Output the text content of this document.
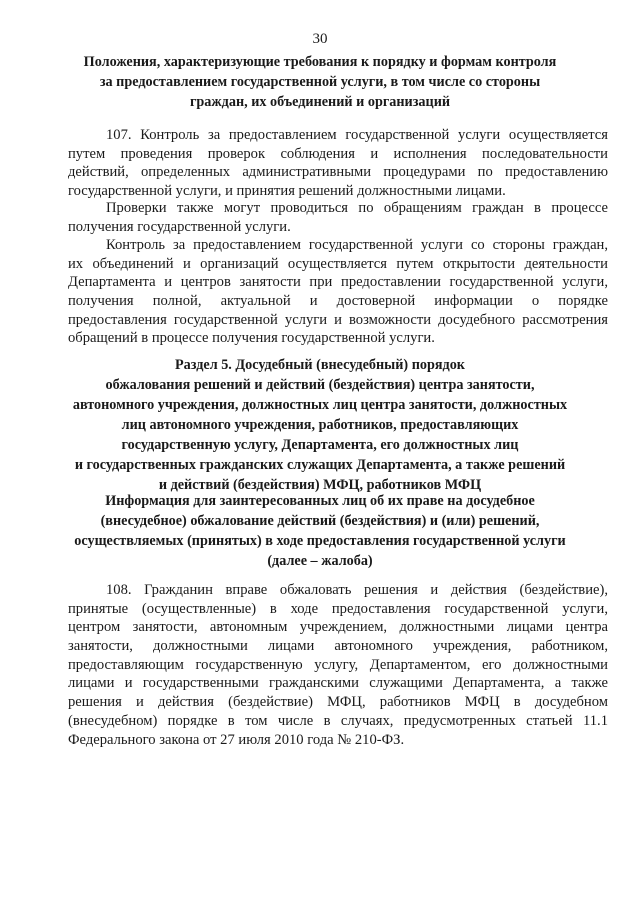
30
Положения, характеризующие требования к порядку и формам контроля
за предоставлением государственной услуги, в том числе со стороны
граждан, их объединений и организаций
107. Контроль за предоставлением государственной услуги осуществляется
путем проведения проверок соблюдения и исполнения последовательности
действий, определенных административными процедурами по предоставлению
государственной услуги, и принятия решений должностными лицами.
Проверки также могут проводиться по обращениям граждан в процессе
получения государственной услуги.
Контроль за предоставлением государственной услуги со стороны граждан,
их объединений и организаций осуществляется путем открытости деятельности
Департамента и центров занятости при предоставлении государственной услуги,
получения полной, актуальной и достоверной информации о порядке
предоставления государственной услуги и возможности досудебного рассмотрения
обращений в процессе получения государственной услуги.
Раздел 5. Досудебный (внесудебный) порядок
обжалования решений и действий (бездействия) центра занятости,
автономного учреждения, должностных лиц центра занятости, должностных
лиц автономного учреждения, работников, предоставляющих
государственную услугу, Департамента, его должностных лиц
и государственных гражданских служащих Департамента, а также решений
и действий (бездействия) МФЦ, работников МФЦ
Информация для заинтересованных лиц об их праве на досудебное
(внесудебное) обжалование действий (бездействия) и (или) решений,
осуществляемых (принятых) в ходе предоставления государственной услуги
(далее – жалоба)
108. Гражданин вправе обжаловать решения и действия (бездействие),
принятые (осуществленные) в ходе предоставления государственной услуги,
центром занятости, автономным учреждением, должностными лицами центра
занятости, должностными лицами автономного учреждения, работником,
предоставляющим государственную услугу, Департаментом, его должностными
лицами и государственными гражданскими служащими Департамента, а также
решения и действия (бездействие) МФЦ, работников МФЦ в досудебном
(внесудебном) порядке в том числе в случаях, предусмотренных статьей 11.1
Федерального закона от 27 июля 2010 года № 210-ФЗ.
